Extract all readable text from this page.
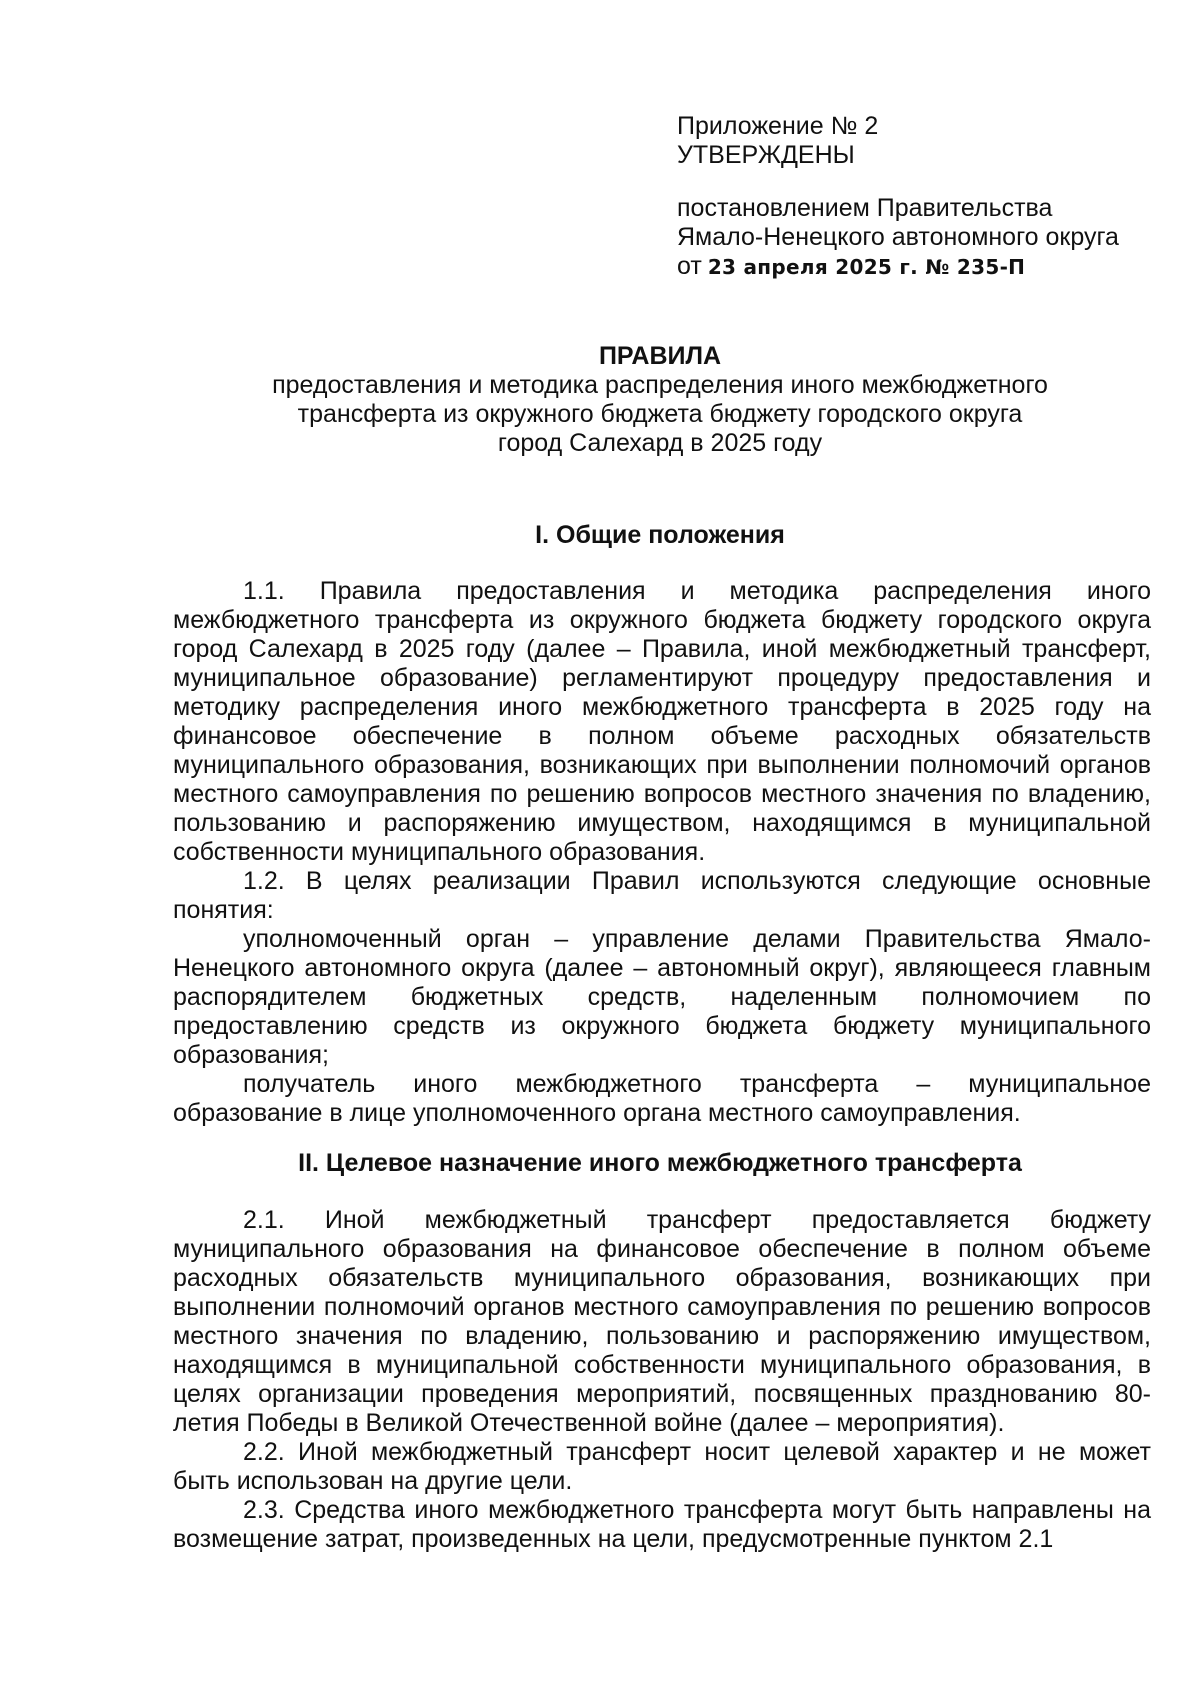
Приложение № 2
УТВЕРЖДЕНЫ
постановлением Правительства
Ямало-Ненецкого автономного округа
от 23 апреля 2025 г. № 235-П
ПРАВИЛА
предоставления и методика распределения иного межбюджетного
трансферта из окружного бюджета бюджету городского округа
город Салехард в 2025 году
I. Общие положения

1.1. Правила предоставления и методика распределения иного межбюджетного трансферта из окружного бюджета бюджету городского округа город Салехард в 2025 году (далее – Правила, иной межбюджетный трансферт, муниципальное образование) регламентируют процедуру предоставления и методику распределения иного межбюджетного трансферта в 2025 году на финансовое обеспечение в полном объеме расходных обязательств муниципального образования, возникающих при выполнении полномочий органов местного самоуправления по решению вопросов местного значения по владению, пользованию и распоряжению имуществом, находящимся в муниципальной собственности муниципального образования.

1.2. В целях реализации Правил используются следующие основные понятия:

уполномоченный орган – управление делами Правительства Ямало-Ненецкого автономного округа (далее – автономный округ), являющееся главным распорядителем бюджетных средств, наделенным полномочием по предоставлению средств из окружного бюджета бюджету муниципального образования;

получатель иного межбюджетного трансферта – муниципальное образование в лице уполномоченного органа местного самоуправления.

II. Целевое назначение иного межбюджетного трансферта

2.1. Иной межбюджетный трансферт предоставляется бюджету муниципального образования на финансовое обеспечение в полном объеме расходных обязательств муниципального образования, возникающих при выполнении полномочий органов местного самоуправления по решению вопросов местного значения по владению, пользованию и распоряжению имуществом, находящимся в муниципальной собственности муниципального образования, в целях организации проведения мероприятий, посвященных празднованию 80-летия Победы в Великой Отечественной войне (далее – мероприятия).

2.2. Иной межбюджетный трансферт носит целевой характер и не может быть использован на другие цели.

2.3. Средства иного межбюджетного трансферта могут быть направлены на возмещение затрат, произведенных на цели, предусмотренные пунктом 2.1
